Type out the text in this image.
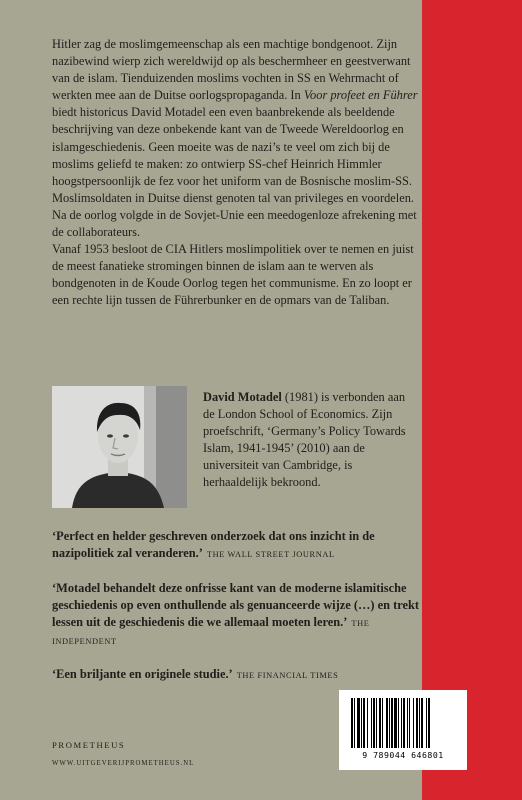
Hitler zag de moslimgemeenschap als een machtige bondgenoot. Zijn nazibewind wierp zich wereldwijd op als beschermheer en geestverwant van de islam. Tienduizenden moslims vochten in SS en Wehrmacht of werkten mee aan de Duitse oorlogspropaganda. In Voor profeet en Führer biedt historicus David Motadel een even baanbrekende als beeldende beschrijving van deze onbekende kant van de Tweede Wereldoorlog en islamgeschiedenis. Geen moeite was de nazi’s te veel om zich bij de moslims geliefd te maken: zo ontwierp SS-chef Heinrich Himmler hoogstpersoonlijk de fez voor het uniform van de Bosnische moslim-SS. Moslimsoldaten in Duitse dienst genoten tal van privileges en voordelen. Na de oorlog volgde in de Sovjet-Unie een meedogenloze afrekening met de collaborateurs.

Vanaf 1953 besloot de CIA Hitlers moslimpolitiek over te nemen en juist de meest fanatieke stromingen binnen de islam aan te werven als bondgenoten in de Koude Oorlog tegen het communisme. En zo loopt er een rechte lijn tussen de Führerbunker en de opmars van de Taliban.

David Motadel (1981) is verbonden aan de London School of Economics. Zijn proefschrift, ‘Germany’s Policy Towards Islam, 1941-1945’ (2010) aan de universiteit van Cambridge, is herhaaldelijk bekroond.

‘Perfect en helder geschreven onderzoek dat ons inzicht in de nazipolitiek zal veranderen.’ THE WALL STREET JOURNAL

‘Motadel behandelt deze onfrisse kant van de moderne islamitische geschiedenis op even onthullende als genuanceerde wijze (…) en trekt lessen uit de geschiedenis die we allemaal moeten leren.’ THE INDEPENDENT

‘Een briljante en originele studie.’ THE FINANCIAL TIMES

PROMETHEUS
WWW.UITGEVERIJPROMETHEUS.NL
9 789044 646801
